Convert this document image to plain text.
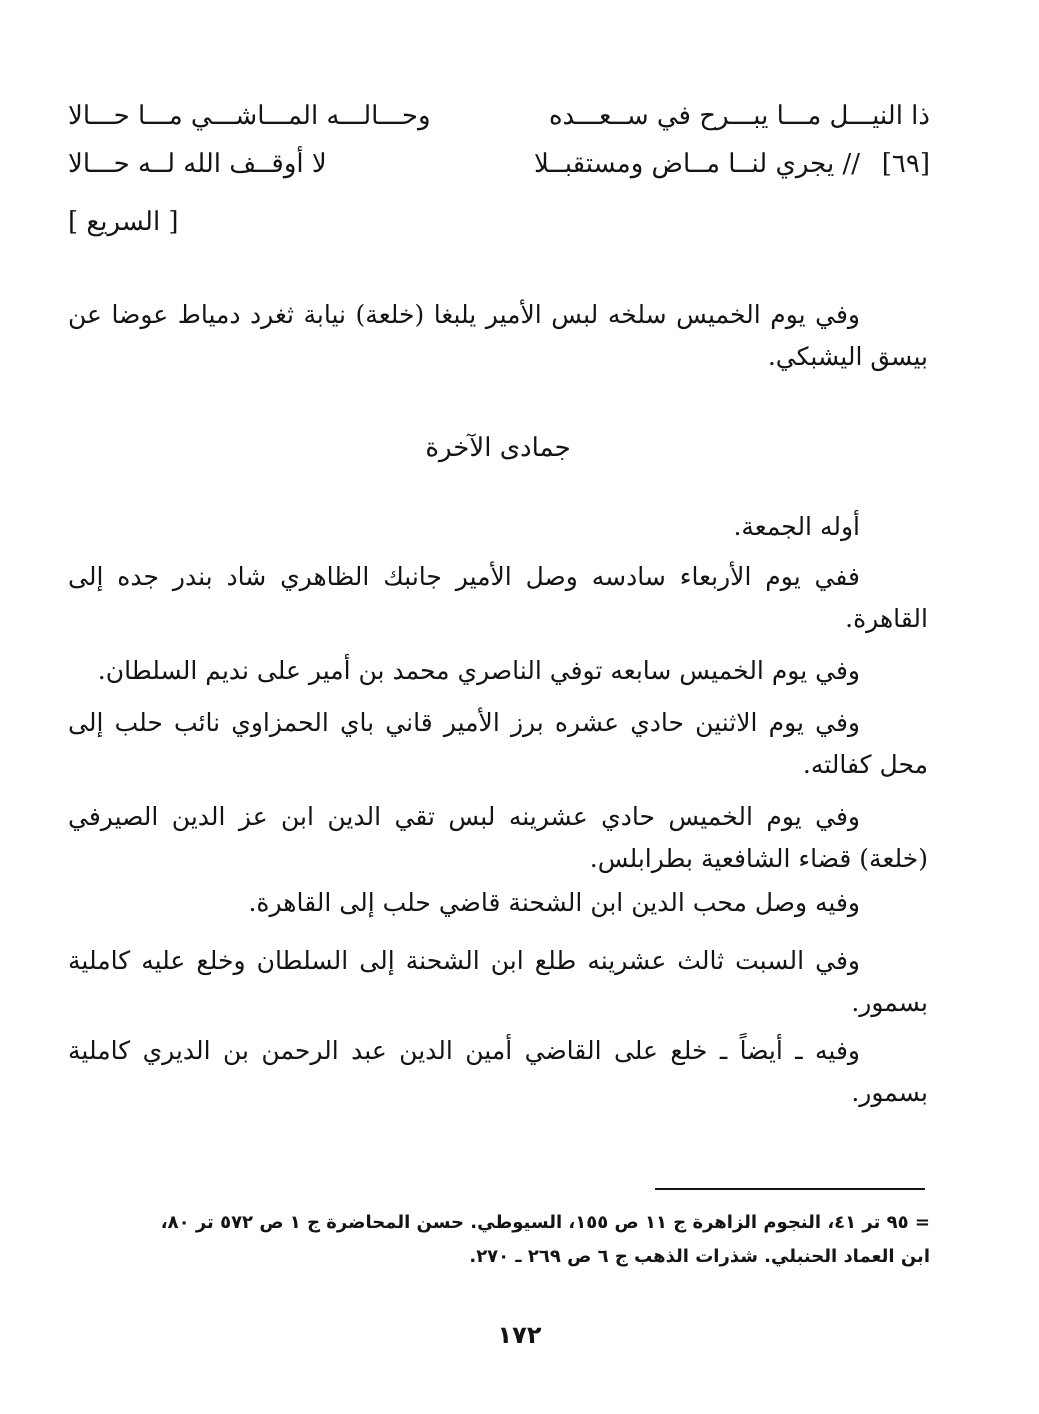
ذا النيـــل مـــا يبـــرح في ســعـــده
وحـــالـــه المـــاشـــي مـــا حـــالا
[٦٩]
// يجري لنــا مــاض ومستقبــلا
لا أوقــف الله لــه حـــالا
[ السريع ]
وفي يوم الخميس سلخه لبس الأمير يلبغا (خلعة) نيابة ثغرد دمياط عوضا عن بيسق اليشبكي.
جمادى الآخرة
أوله الجمعة.
ففي يوم الأربعاء سادسه وصل الأمير جانبك الظاهري شاد بندر جده إلى القاهرة.
وفي يوم الخميس سابعه توفي الناصري محمد بن أمير على نديم السلطان.
وفي يوم الاثنين حادي عشره برز الأمير قاني باي الحمزاوي نائب حلب إلى محل كفالته.
وفي يوم الخميس حادي عشرينه لبس تقي الدين ابن عز الدين الصيرفي (خلعة) قضاء الشافعية بطرابلس.
وفيه وصل محب الدين ابن الشحنة قاضي حلب إلى القاهرة.
وفي السبت ثالث عشرينه طلع ابن الشحنة إلى السلطان وخلع عليه كاملية بسمور.
وفيه ـ أيضاً ـ خلع على القاضي أمين الدين عبد الرحمن بن الديري كاملية بسمور.
= ٩٥ تر ٤١، النجوم الزاهرة ج ١١ ص ١٥٥، السيوطي. حسن المحاضرة ج ١ ص ٥٧٢ تر ٨٠،
ابن العماد الحنبلي. شذرات الذهب ج ٦ ص ٢٦٩ ـ ٢٧٠.
١٧٢
